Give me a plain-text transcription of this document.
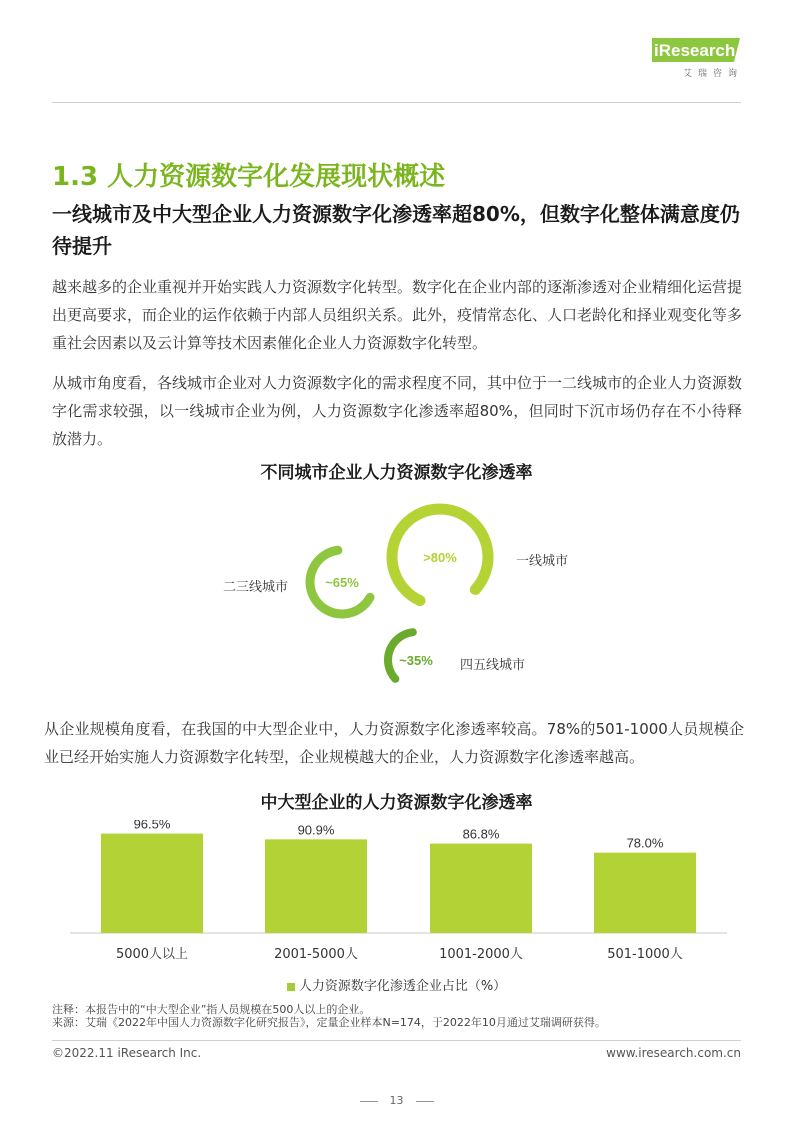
iResearch
艾瑞咨询
1.3 人力资源数字化发展现状概述
一线城市及中大型企业人力资源数字化渗透率超80%，但数字化整体满意度仍待提升
越来越多的企业重视并开始实践人力资源数字化转型。数字化在企业内部的逐渐渗透对企业精细化运营提出更高要求，而企业的运作依赖于内部人员组织关系。此外，疫情常态化、人口老龄化和择业观变化等多重社会因素以及云计算等技术因素催化企业人力资源数字化转型。
从城市角度看，各线城市企业对人力资源数字化的需求程度不同，其中位于一二线城市的企业人力资源数字化需求较强，以一线城市企业为例，人力资源数字化渗透率超80%，但同时下沉市场仍存在不小待释放潜力。
不同城市企业人力资源数字化渗透率
>80%	一线城市
~65%
二三线城市
~35% 四五线城市
从企业规模角度看，在我国的中大型企业中，人力资源数字化渗透率较高。78%的501-1000人员规模企业已经开始实施人力资源数字化转型，企业规模越大的企业，人力资源数字化渗透率越高。
中大型企业的人力资源数字化渗透率
96.5%
5000人以上
90.9%
2001-5000人
86.8%
1001-2000人
78.0%
501-1000人
人力资源数字化渗透企业占比（%）
注释：本报告中的“中大型企业”指人员规模在500人以上的企业。
来源：艾瑞《2022年中国人力资源数字化研究报告》，定量企业样本N=174，于2022年10月通过艾瑞调研获得。
©2022.11 iResearch Inc.	www.iresearch.com.cn
13
